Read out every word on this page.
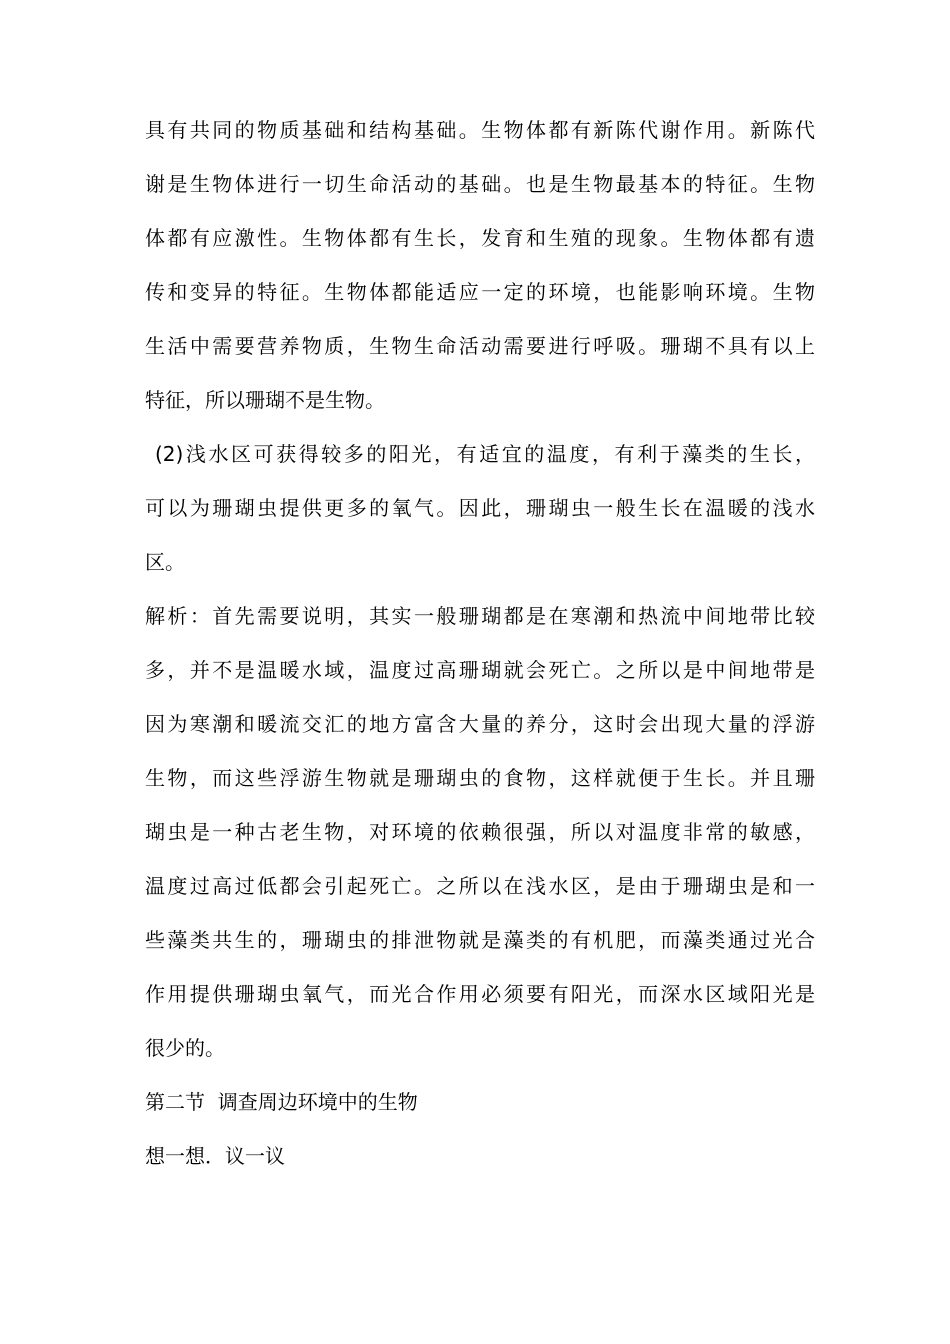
具有共同的物质基础和结构基础。生物体都有新陈代谢作用。新陈代
谢是生物体进行一切生命活动的基础。也是生物最基本的特征。生物
体都有应激性。生物体都有生长，发育和生殖的现象。生物体都有遗
传和变异的特征。生物体都能适应一定的环境，也能影响环境。生物
生活中需要营养物质，生物生命活动需要进行呼吸。珊瑚不具有以上
特征，所以珊瑚不是生物。
(2)浅水区可获得较多的阳光，有适宜的温度，有利于藻类的生长，
可以为珊瑚虫提供更多的氧气。因此，珊瑚虫一般生长在温暖的浅水
区。
解析：首先需要说明，其实一般珊瑚都是在寒潮和热流中间地带比较
多，并不是温暖水域，温度过高珊瑚就会死亡。之所以是中间地带是
因为寒潮和暖流交汇的地方富含大量的养分，这时会出现大量的浮游
生物，而这些浮游生物就是珊瑚虫的食物，这样就便于生长。并且珊
瑚虫是一种古老生物，对环境的依赖很强，所以对温度非常的敏感，
温度过高过低都会引起死亡。之所以在浅水区，是由于珊瑚虫是和一
些藻类共生的，珊瑚虫的排泄物就是藻类的有机肥，而藻类通过光合
作用提供珊瑚虫氧气，而光合作用必须要有阳光，而深水区域阳光是
很少的。
第二节  调查周边环境中的生物
想一想．议一议
